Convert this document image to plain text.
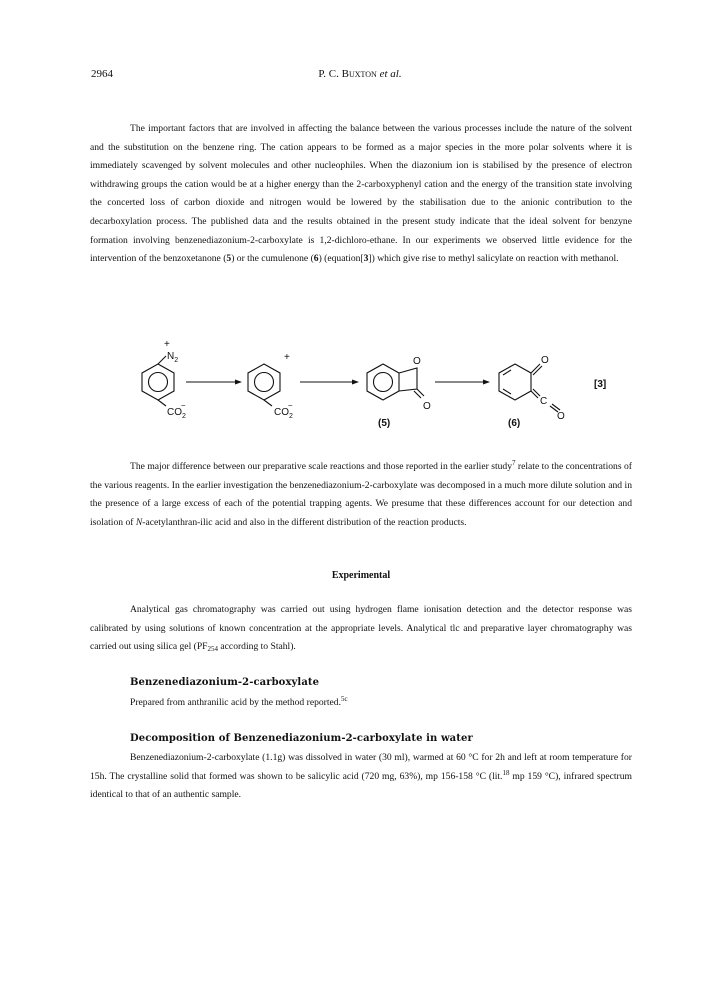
2964	P. C. Buxton et al.

The important factors that are involved in affecting the balance between the various processes include the nature of the solvent and the substitution on the benzene ring. The cation appears to be formed as a major species in the more polar solvents where it is immediately scavenged by solvent molecules and other nucleophiles. When the diazonium ion is stabilised by the presence of electron withdrawing groups the cation would be at a higher energy than the 2-carboxyphenyl cation and the energy of the transition state involving the concerted loss of carbon dioxide and nitrogen would be lowered by the stabilisation due to the anionic contribution to the decarboxylation process. The published data and the results obtained in the present study indicate that the ideal solvent for benzyne formation involving benzenediazonium-2-carboxylate is 1,2-dichloro-ethane. In our experiments we observed little evidence for the intervention of the benzoxetanone (5) or the cumulenone (6) (equation[3]) which give rise to methyl salicylate on reaction with methanol.

+
$N_2$
$CO_2-$
+
$CO_2-$
O
O
O
C
O
[3]
(5)	(6)

The major difference between our preparative scale reactions and those reported in the earlier study$^7$ relate to the concentrations of the various reagents. In the earlier investigation the benzenediazonium-2-carboxylate was decomposed in a much more dilute solution and in the presence of a large excess of each of the potential trapping agents. We presume that these differences account for our detection and isolation of N-acetylanthran-ilic acid and also in the different distribution of the reaction products.

Experimental

Analytical gas chromatography was carried out using hydrogen flame ionisation detection and the detector response was calibrated by using solutions of known concentration at the appropriate levels. Analytical tlc and preparative layer chromatography was carried out using silica gel ($PF_{254}$ according to Stahl).

Benzenediazonium-2-carboxylate
Prepared from anthranilic acid by the method reported.$^{5c}$
Decomposition of Benzenediazonium-2-carboxylate in water

Benzenediazonium-2-carboxylate (1.1g) was dissolved in water (30 ml), warmed at 60 °C for 2h and left at room temperature for 15h. The crystalline solid that formed was shown to be salicylic acid (720 mg, 63%), mp 156-158 °C (lit.$^{18}$ mp 159 °C), infrared spectrum identical to that of an authentic sample.
